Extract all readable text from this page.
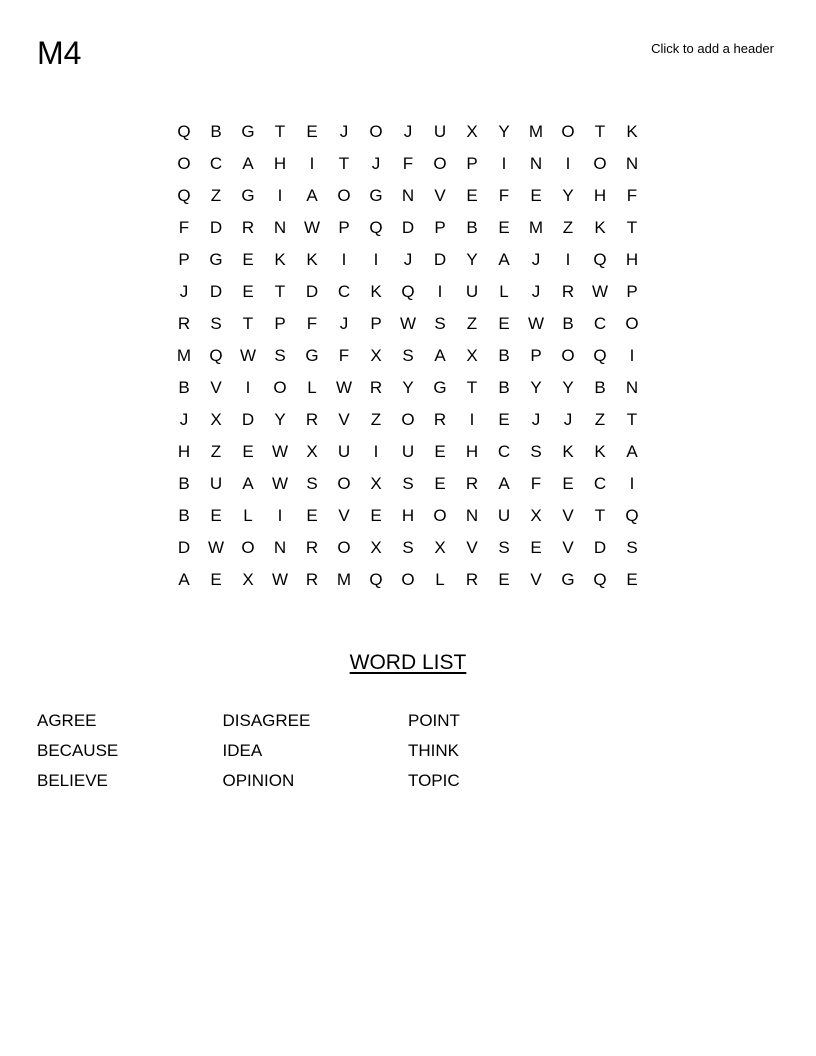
M4	Click to add a header
Q	B	G	T	E	J	O	J	U	X	Y	M	O	T	K
O	C	A	H	I	T	J	F	O	P	I	N	I	O	N
Q	Z	G	I	A	O	G	N	V	E	F	E	Y	H	F
F	D	R	N	W	P	Q	D	P	B	E	M	Z	K	T
P	G	E	K	K	I	I	J	D	Y	A	J	I	Q	H
J	D	E	T	D	C	K	Q	I	U	L	J	R	W	P
R	S	T	P	F	J	P	W	S	Z	E	W	B	C	O
M	Q	W	S	G	F	X	S	A	X	B	P	O	Q	I
B	V	I	O	L	W	R	Y	G	T	B	Y	Y	B	N
J	X	D	Y	R	V	Z	O	R	I	E	J	J	Z	T
H	Z	E	W	X	U	I	U	E	H	C	S	K	K	A
B	U	A	W	S	O	X	S	E	R	A	F	E	C	I
B	E	L	I	E	V	E	H	O	N	U	X	V	T	Q
D	W	O	N	R	O	X	S	X	V	S	E	V	D	S
A	E	X	W	R	M	Q	O	L	R	E	V	G	Q	E
WORD LIST
AGREE	DISAGREE	POINT
BECAUSE	IDEA	THINK
BELIEVE	OPINION	TOPIC
